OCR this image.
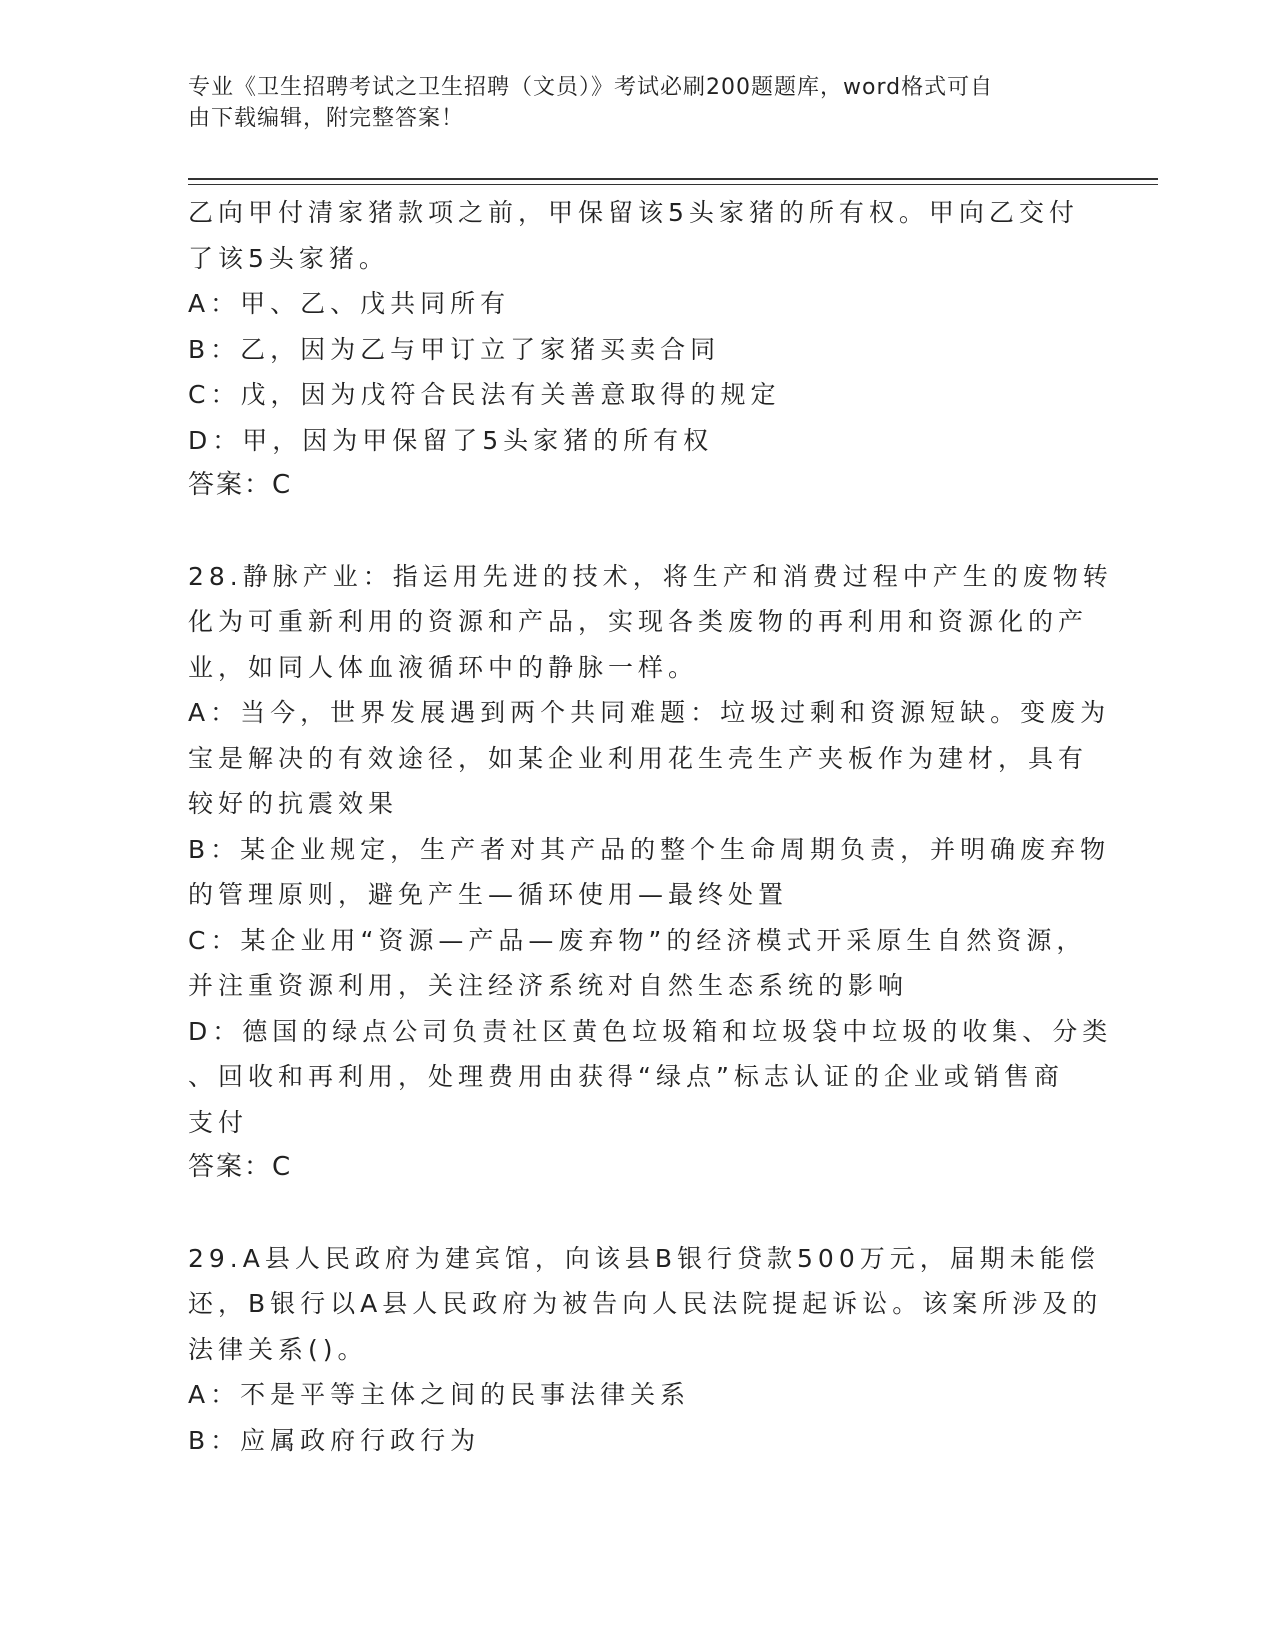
专业《卫生招聘考试之卫生招聘（文员）》考试必刷200题题库，word格式可自
由下载编辑，附完整答案！
乙向甲付清家猪款项之前，甲保留该5头家猪的所有权。甲向乙交付
了该5头家猪。
A：甲、乙、戊共同所有
B：乙，因为乙与甲订立了家猪买卖合同
C：戊，因为戊符合民法有关善意取得的规定
D：甲，因为甲保留了5头家猪的所有权
答案：C
28.静脉产业：指运用先进的技术，将生产和消费过程中产生的废物转
化为可重新利用的资源和产品，实现各类废物的再利用和资源化的产
业，如同人体血液循环中的静脉一样。
A：当今，世界发展遇到两个共同难题：垃圾过剩和资源短缺。变废为
宝是解决的有效途径，如某企业利用花生壳生产夹板作为建材，具有
较好的抗震效果
B：某企业规定，生产者对其产品的整个生命周期负责，并明确废弃物
的管理原则，避免产生—循环使用—最终处置
C：某企业用“资源—产品—废弃物”的经济模式开采原生自然资源，
并注重资源利用，关注经济系统对自然生态系统的影响
D：德国的绿点公司负责社区黄色垃圾箱和垃圾袋中垃圾的收集、分类
、回收和再利用，处理费用由获得“绿点”标志认证的企业或销售商
支付
答案：C
29.A县人民政府为建宾馆，向该县B银行贷款500万元，届期未能偿
还，B银行以A县人民政府为被告向人民法院提起诉讼。该案所涉及的
法律关系()。
A：不是平等主体之间的民事法律关系
B：应属政府行政行为
